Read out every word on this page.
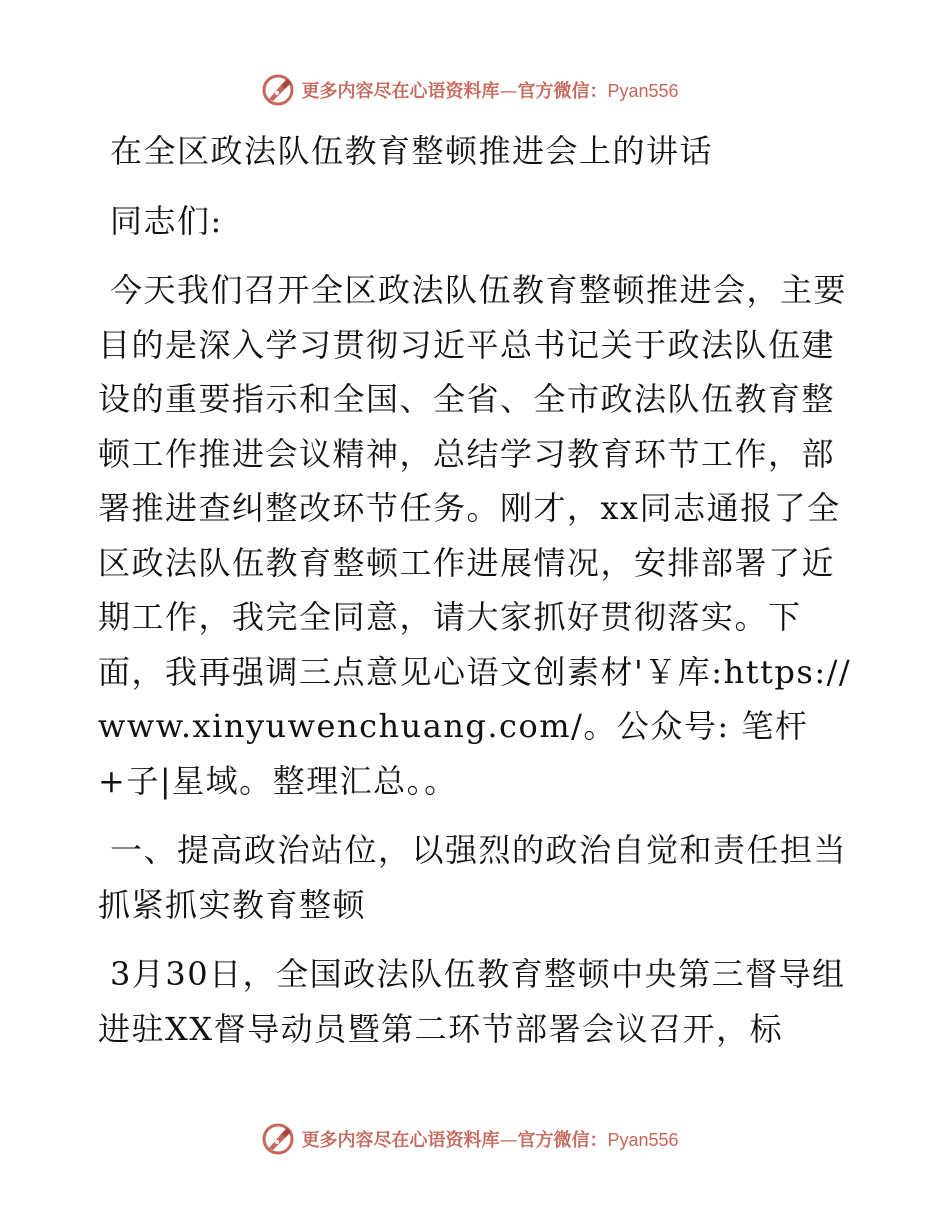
更多内容尽在心语资料库—官方微信：Pyan556

在全区政法队伍教育整顿推进会上的讲话

同志们:

今天我们召开全区政法队伍教育整顿推进会，主要目的是深入学习贯彻习近平总书记关于政法队伍建设的重要指示和全国、全省、全市政法队伍教育整顿工作推进会议精神，总结学习教育环节工作，部署推进查纠整改环节任务。刚才，xx同志通报了全区政法队伍教育整顿工作进展情况，安排部署了近期工作，我完全同意，请大家抓好贯彻落实。下面，我再强调三点意见心语文创素材'￥库:https://www.xinyuwenchuang.com/。公众号: 笔杆+子|星域。整理汇总。。

一、提高政治站位，以强烈的政治自觉和责任担当抓紧抓实教育整顿

3月30日，全国政法队伍教育整顿中央第三督导组进驻XX督导动员暨第二环节部署会议召开，标

更多内容尽在心语资料库—官方微信：Pyan556
